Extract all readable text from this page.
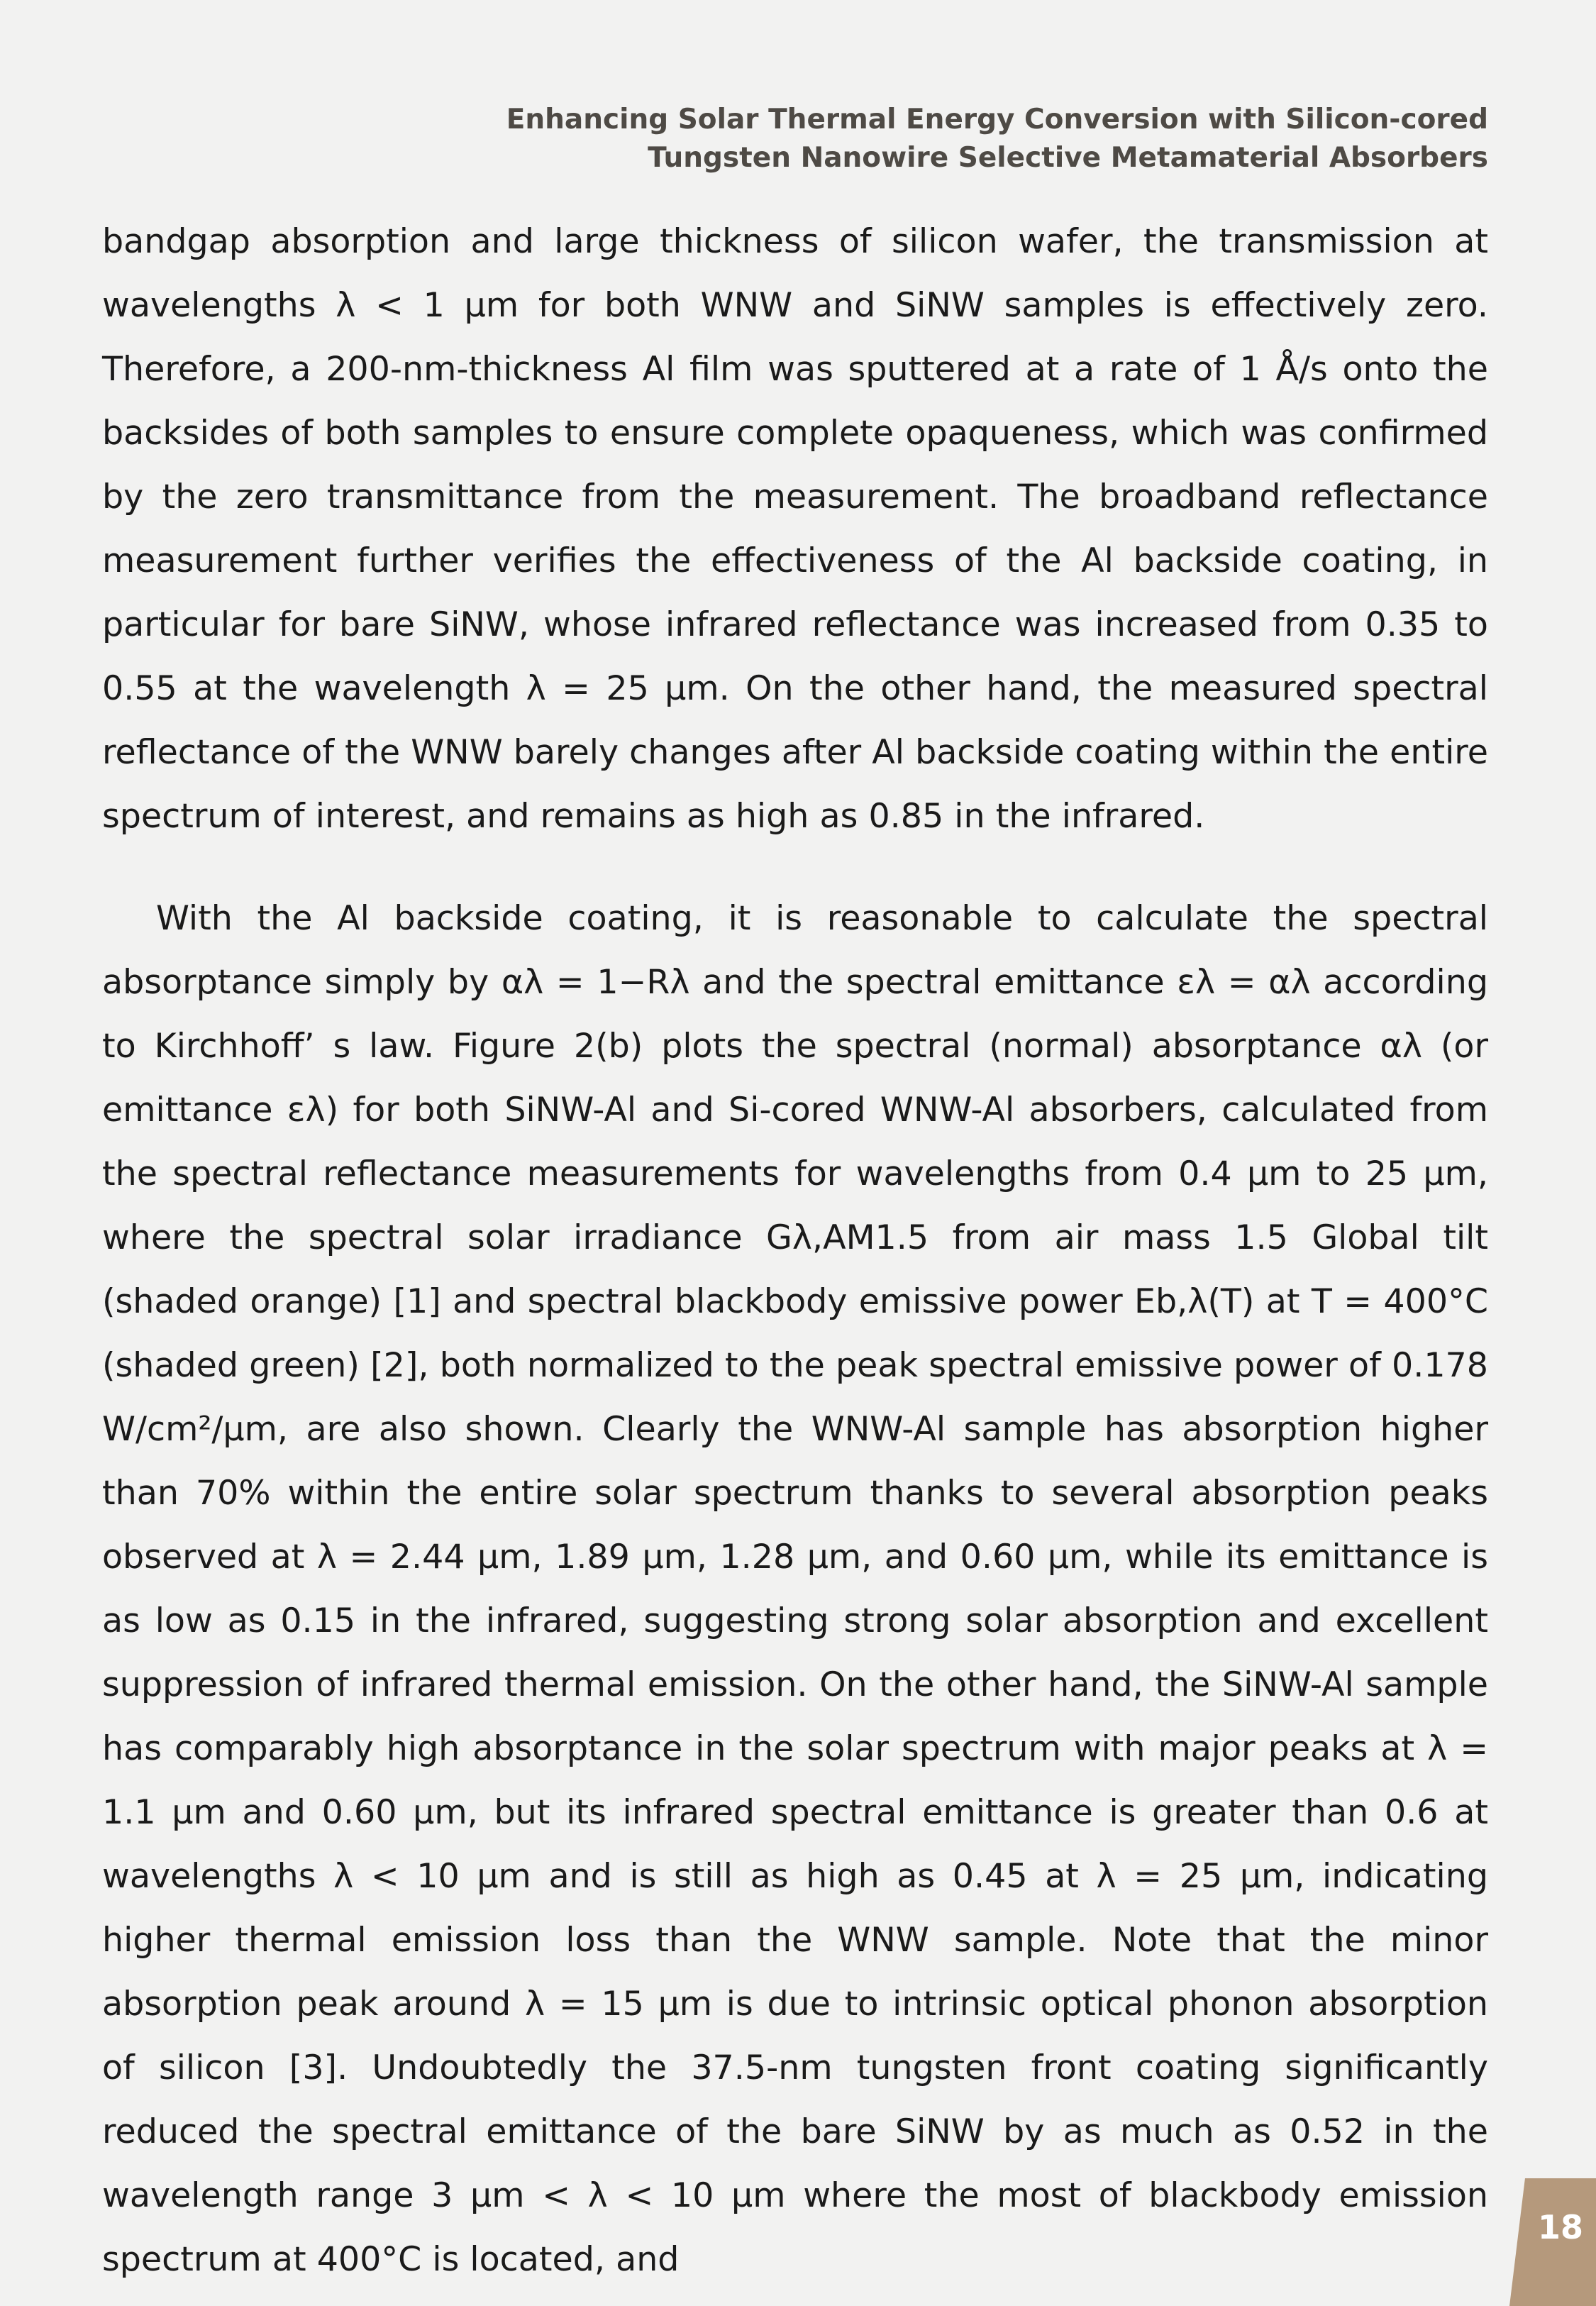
Enhancing Solar Thermal Energy Conversion with Silicon-cored
Tungsten Nanowire Selective Metamaterial Absorbers

bandgap absorption and large thickness of silicon wafer, the transmission at wavelengths λ < 1 μm for both WNW and SiNW samples is effectively zero. Therefore, a 200-nm-thickness Al film was sputtered at a rate of 1 Å/s onto the backsides of both samples to ensure complete opaqueness, which was confirmed by the zero transmittance from the measurement. The broadband reflectance measurement further verifies the effectiveness of the Al backside coating, in particular for bare SiNW, whose infrared reflectance was increased from 0.35 to 0.55 at the wavelength λ = 25 μm. On the other hand, the measured spectral reflectance of the WNW barely changes after Al backside coating within the entire spectrum of interest, and remains as high as 0.85 in the infrared.

With the Al backside coating, it is reasonable to calculate the spectral absorptance simply by αλ = 1−Rλ and the spectral emittance ελ = αλ according to Kirchhoff’ s law. Figure 2(b) plots the spectral (normal) absorptance αλ (or emittance ελ) for both SiNW-Al and Si-cored WNW-Al absorbers, calculated from the spectral reflectance measurements for wavelengths from 0.4 μm to 25 μm, where the spectral solar irradiance Gλ,AM1.5 from air mass 1.5 Global tilt (shaded orange) [1] and spectral blackbody emissive power Eb,λ(T) at T = 400°C (shaded green) [2], both normalized to the peak spectral emissive power of 0.178 W/cm²/μm, are also shown. Clearly the WNW-Al sample has absorption higher than 70% within the entire solar spectrum thanks to several absorption peaks observed at λ = 2.44 μm, 1.89 μm, 1.28 μm, and 0.60 μm, while its emittance is as low as 0.15 in the infrared, suggesting strong solar absorption and excellent suppression of infrared thermal emission. On the other hand, the SiNW-Al sample has comparably high absorptance in the solar spectrum with major peaks at λ = 1.1 μm and 0.60 μm, but its infrared spectral emittance is greater than 0.6 at wavelengths λ < 10 μm and is still as high as 0.45 at λ = 25 μm, indicating higher thermal emission loss than the WNW sample. Note that the minor absorption peak around λ = 15 μm is due to intrinsic optical phonon absorption of silicon [3]. Undoubtedly the 37.5-nm tungsten front coating significantly reduced the spectral emittance of the bare SiNW by as much as 0.52 in the wavelength range 3 μm < λ < 10 μm where the most of blackbody emission spectrum at 400°C is located, and

18
